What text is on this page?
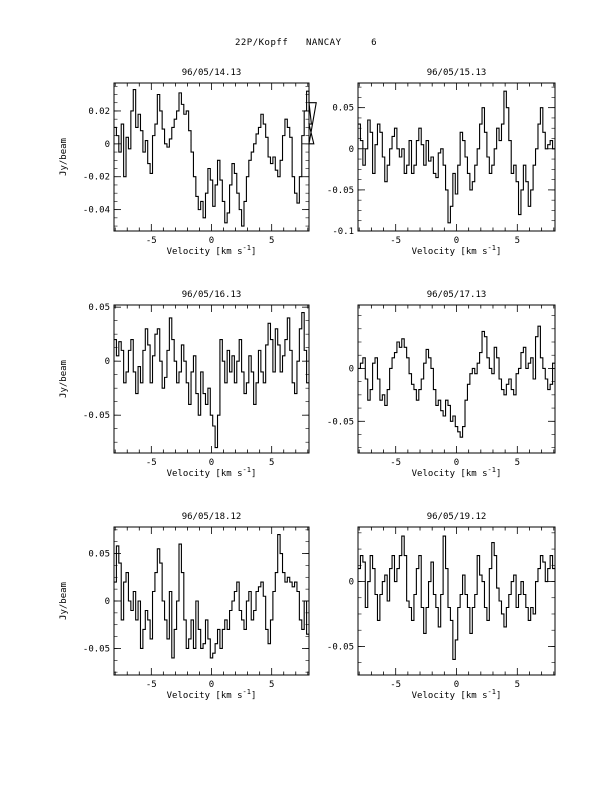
22P/Kopff   NANCAY     6
96/05/14.13
-5	0	5
-0.04
-0.02
0
0.02
Velocity [km $s^{-1}$]
Jy/beam
96/05/15.13
-5	0	5
-0.1
-0.05
0
0.05
Velocity [km $s^{-1}$]
96/05/16.13
-5	0	5
-0.05
0
0.05
Velocity [km $s^{-1}$]
Jy/beam
96/05/17.13
-5	0	5
-0.05
0
Velocity [km $s^{-1}$]
96/05/18.12
-5	0	5
-0.05
0
0.05
Velocity [km $s^{-1}$]
Jy/beam
96/05/19.12
-5	0	5
-0.05
0
Velocity [km $s^{-1}$]
